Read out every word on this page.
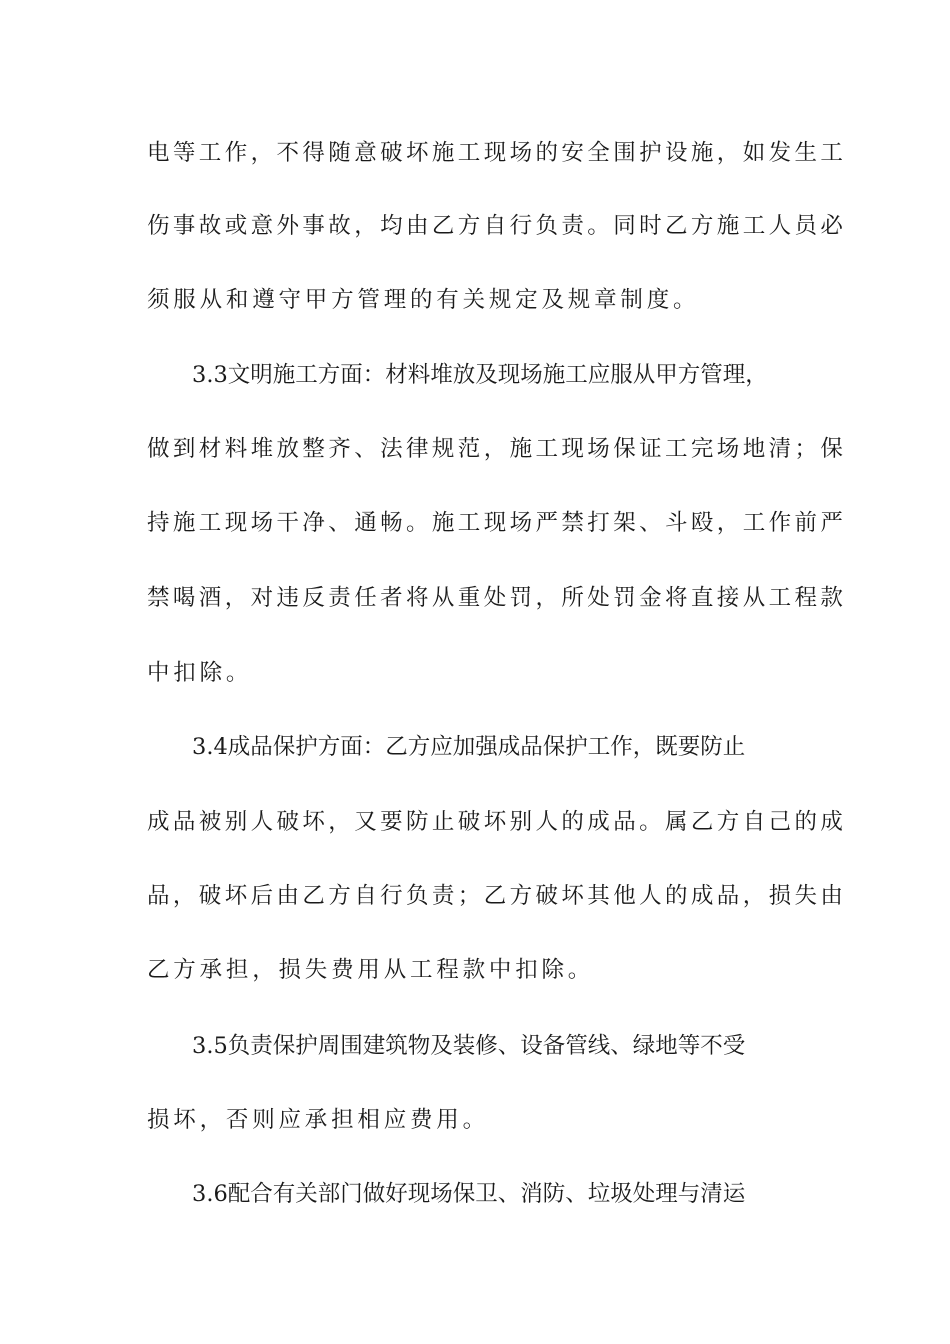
电等工作，不得随意破坏施工现场的安全围护设施，如发生工
伤事故或意外事故，均由乙方自行负责。同时乙方施工人员必
须服从和遵守甲方管理的有关规定及规章制度。
3.3文明施工方面：材料堆放及现场施工应服从甲方管理，
做到材料堆放整齐、法律规范，施工现场保证工完场地清；保
持施工现场干净、通畅。施工现场严禁打架、斗殴，工作前严
禁喝酒，对违反责任者将从重处罚，所处罚金将直接从工程款
中扣除。
3.4成品保护方面：乙方应加强成品保护工作，既要防止
成品被别人破坏，又要防止破坏别人的成品。属乙方自己的成
品，破坏后由乙方自行负责；乙方破坏其他人的成品，损失由
乙方承担，损失费用从工程款中扣除。
3.5负责保护周围建筑物及装修、设备管线、绿地等不受
损坏，否则应承担相应费用。
3.6配合有关部门做好现场保卫、消防、垃圾处理与清运
